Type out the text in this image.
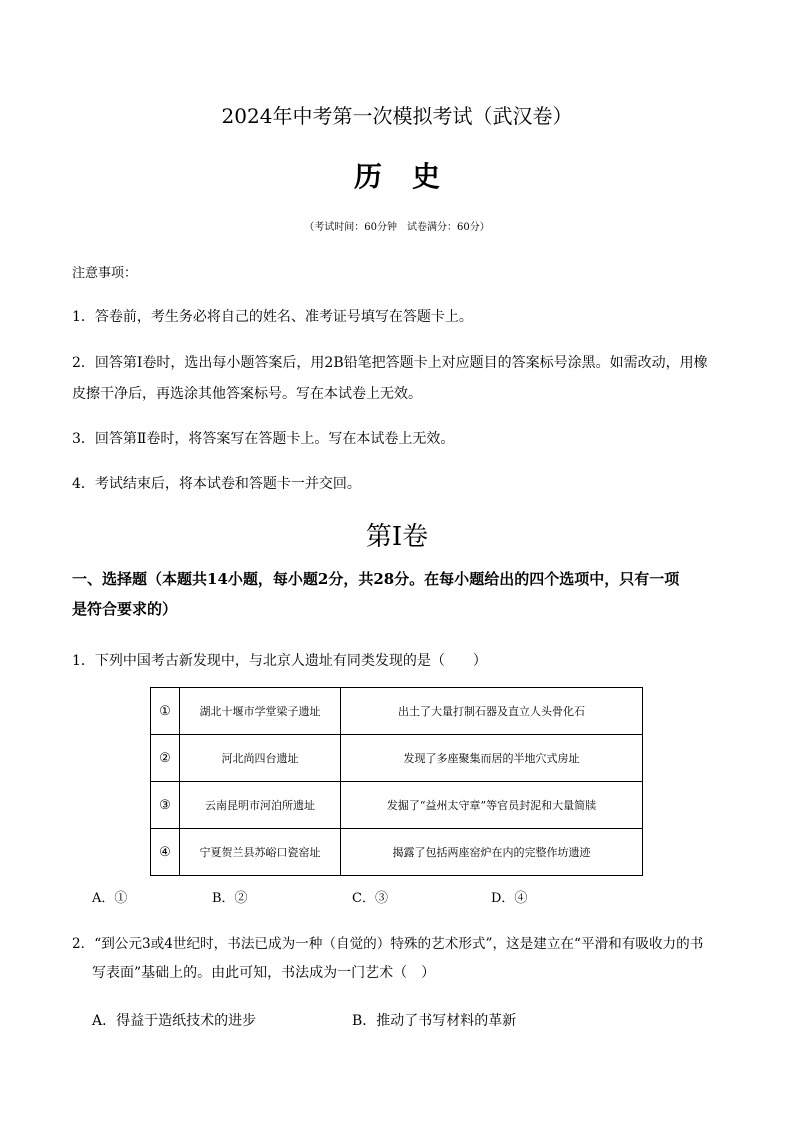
2024年中考第一次模拟考试（武汉卷）
历史
（考试时间：60分钟　试卷满分：60分）
注意事项：
1．答卷前，考生务必将自己的姓名、准考证号填写在答题卡上。
2．回答第Ⅰ卷时，选出每小题答案后，用2B铅笔把答题卡上对应题目的答案标号涂黑。如需改动，用橡
皮擦干净后，再选涂其他答案标号。写在本试卷上无效。
3．回答第Ⅱ卷时，将答案写在答题卡上。写在本试卷上无效。
4．考试结束后，将本试卷和答题卡一并交回。
第Ⅰ卷
一、选择题（本题共14小题，每小题2分，共28分。在每小题给出的四个选项中，只有一项
是符合要求的）
1．下列中国考古新发现中，与北京人遗址有同类发现的是（　　）
①	湖北十堰市学堂梁子遗址	出土了大量打制石器及直立人头骨化石
②	河北尚四台遗址	发现了多座聚集而居的半地穴式房址
③	云南昆明市河泊所遗址	发掘了“益州太守章”等官员封泥和大量简牍
④	宁夏贺兰县苏峪口瓷窑址	揭露了包括两座窑炉在内的完整作坊遗迹
A．①	B．②	C．③	D．④
2．“到公元3或4世纪时，书法已成为一种（自觉的）特殊的艺术形式”，这是建立在“平滑和有吸收力的书
写表面”基础上的。由此可知，书法成为一门艺术（　）
A．得益于造纸技术的进步	B．推动了书写材料的革新
